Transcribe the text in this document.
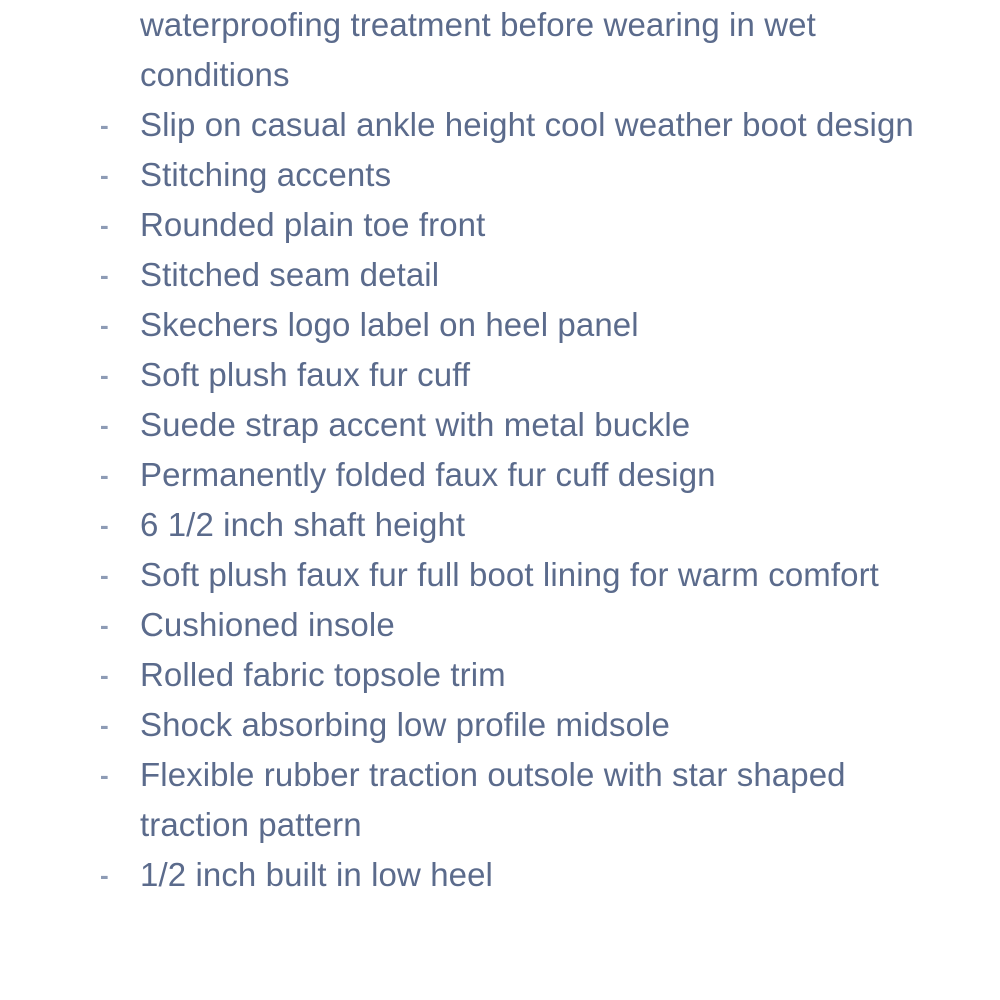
waterproofing treatment before wearing in wet conditions
- Slip on casual ankle height cool weather boot design
- Stitching accents
- Rounded plain toe front
- Stitched seam detail
- Skechers logo label on heel panel
- Soft plush faux fur cuff
- Suede strap accent with metal buckle
- Permanently folded faux fur cuff design
- 6 1/2 inch shaft height
- Soft plush faux fur full boot lining for warm comfort
- Cushioned insole
- Rolled fabric topsole trim
- Shock absorbing low profile midsole
- Flexible rubber traction outsole with star shaped traction pattern
- 1/2 inch built in low heel
